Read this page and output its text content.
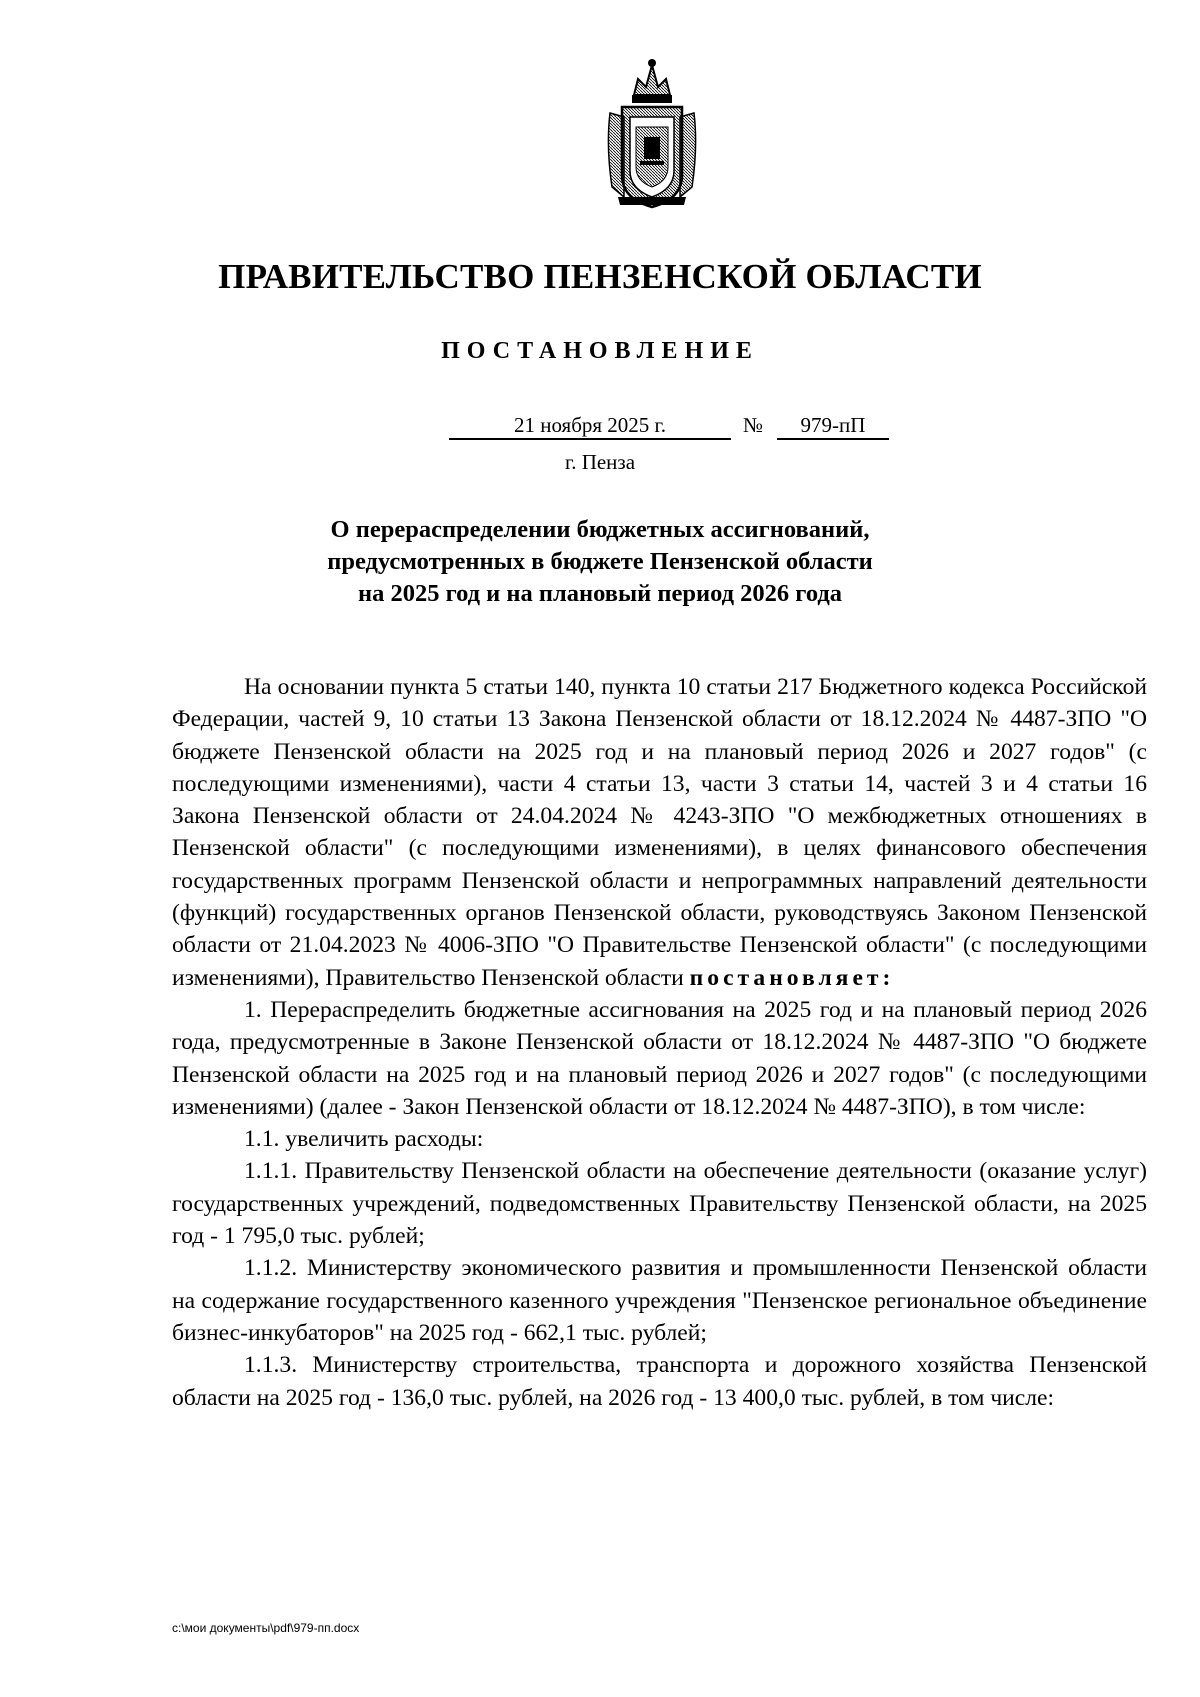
ПРАВИТЕЛЬСТВО ПЕНЗЕНСКОЙ ОБЛАСТИ
ПОСТАНОВЛЕНИЕ
21 ноября 2025 г.	№	979-пП
г. Пенза
О перераспределении бюджетных ассигнований,
предусмотренных в бюджете Пензенской области
на 2025 год и на плановый период 2026 года

На основании пункта 5 статьи 140, пункта 10 статьи 217 Бюджетного кодекса Российской Федерации, частей 9, 10 статьи 13 Закона Пензенской области от 18.12.2024 № 4487-ЗПО "О бюджете Пензенской области на 2025 год и на плановый период 2026 и 2027 годов" (с последующими изменениями), части 4 статьи 13, части 3 статьи 14, частей 3 и 4 статьи 16 Закона Пензенской области от 24.04.2024 № 4243-ЗПО "О межбюджетных отношениях в Пензенской области" (с последующими изменениями), в целях финансового обеспечения государственных программ Пензенской области и непрограммных направлений деятельности (функций) государственных органов Пензенской области, руководствуясь Законом Пензенской области от 21.04.2023 № 4006-ЗПО "О Правительстве Пензенской области" (с последующими изменениями), Правительство Пензенской области постановляет:

1. Перераспределить бюджетные ассигнования на 2025 год и на плановый период 2026 года, предусмотренные в Законе Пензенской области от 18.12.2024 № 4487-ЗПО "О бюджете Пензенской области на 2025 год и на плановый период 2026 и 2027 годов" (с последующими изменениями) (далее - Закон Пензенской области от 18.12.2024 № 4487-ЗПО), в том числе:

1.1. увеличить расходы:

1.1.1. Правительству Пензенской области на обеспечение деятельности (оказание услуг) государственных учреждений, подведомственных Правительству Пензенской области, на 2025 год - 1 795,0 тыс. рублей;

1.1.2. Министерству экономического развития и промышленности Пензенской области на содержание государственного казенного учреждения "Пензенское региональное объединение бизнес-инкубаторов" на 2025 год - 662,1 тыс. рублей;

1.1.3. Министерству строительства, транспорта и дорожного хозяйства Пензенской области на 2025 год - 136,0 тыс. рублей, на 2026 год - 13 400,0 тыс. рублей, в том числе:

c:\мои документы\pdf\979-пп.docx
